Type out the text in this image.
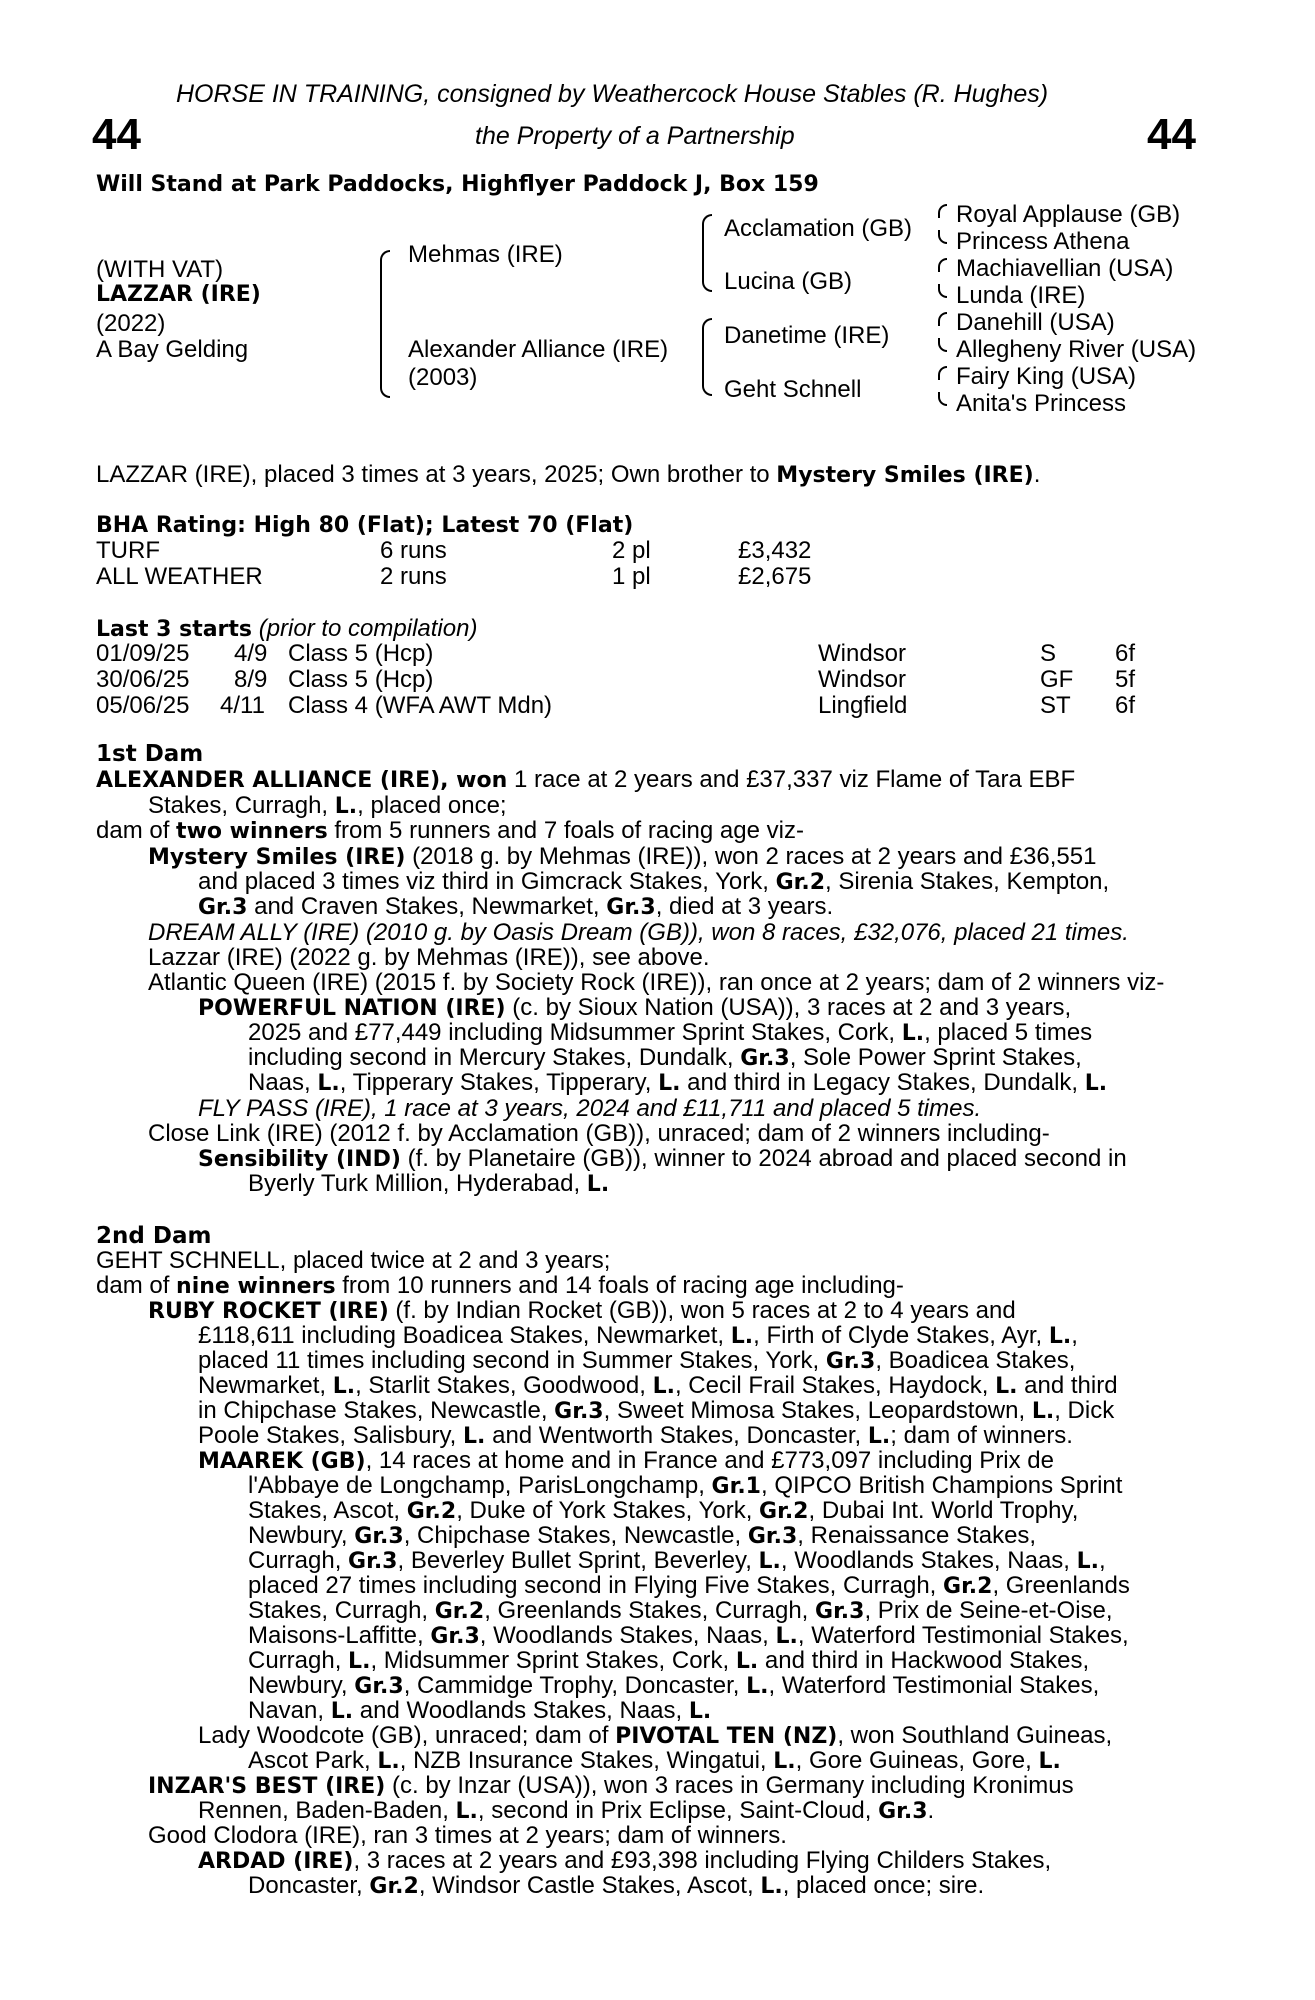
HORSE IN TRAINING, consigned by Weathercock House Stables (R. Hughes)
44	the Property of a Partnership	44
Will Stand at Park Paddocks, Highflyer Paddock J, Box 159
(WITH VAT)
LAZZAR (IRE)
(2022)
A Bay Gelding
Mehmas (IRE)
Alexander Alliance (IRE)
(2003)
Acclamation (GB)
Lucina (GB)
Danetime (IRE)
Geht Schnell
Royal Applause (GB)
Princess Athena
Machiavellian (USA)
Lunda (IRE)
Danehill (USA)
Allegheny River (USA)
Fairy King (USA)
Anita's Princess
LAZZAR (IRE), placed 3 times at 3 years, 2025; Own brother to Mystery Smiles (IRE).
BHA Rating: High 80 (Flat); Latest 70 (Flat)
TURF	6 runs	2 pl	£3,432
ALL WEATHER	2 runs	1 pl	£2,675
Last 3 starts (prior to compilation)
01/09/25 4/9 Class 5 (Hcp)	Windsor	S 6f
30/06/25 8/9 Class 5 (Hcp)	Windsor	GF 5f
05/06/25 4/11 Class 4 (WFA AWT Mdn)	Lingfield	ST 6f
1st Dam
ALEXANDER ALLIANCE (IRE), won 1 race at 2 years and £37,337 viz Flame of Tara EBF
Stakes, Curragh, L., placed once;
dam of two winners from 5 runners and 7 foals of racing age viz-
Mystery Smiles (IRE) (2018 g. by Mehmas (IRE)), won 2 races at 2 years and £36,551
and placed 3 times viz third in Gimcrack Stakes, York, Gr.2, Sirenia Stakes, Kempton,
Gr.3 and Craven Stakes, Newmarket, Gr.3, died at 3 years.
DREAM ALLY (IRE) (2010 g. by Oasis Dream (GB)), won 8 races, £32,076, placed 21 times.
Lazzar (IRE) (2022 g. by Mehmas (IRE)), see above.
Atlantic Queen (IRE) (2015 f. by Society Rock (IRE)), ran once at 2 years; dam of 2 winners viz-
POWERFUL NATION (IRE) (c. by Sioux Nation (USA)), 3 races at 2 and 3 years,
2025 and £77,449 including Midsummer Sprint Stakes, Cork, L., placed 5 times
including second in Mercury Stakes, Dundalk, Gr.3, Sole Power Sprint Stakes,
Naas, L., Tipperary Stakes, Tipperary, L. and third in Legacy Stakes, Dundalk, L.
FLY PASS (IRE), 1 race at 3 years, 2024 and £11,711 and placed 5 times.
Close Link (IRE) (2012 f. by Acclamation (GB)), unraced; dam of 2 winners including-
Sensibility (IND) (f. by Planetaire (GB)), winner to 2024 abroad and placed second in
Byerly Turk Million, Hyderabad, L.
2nd Dam
GEHT SCHNELL, placed twice at 2 and 3 years;
dam of nine winners from 10 runners and 14 foals of racing age including-
RUBY ROCKET (IRE) (f. by Indian Rocket (GB)), won 5 races at 2 to 4 years and
£118,611 including Boadicea Stakes, Newmarket, L., Firth of Clyde Stakes, Ayr, L.,
placed 11 times including second in Summer Stakes, York, Gr.3, Boadicea Stakes,
Newmarket, L., Starlit Stakes, Goodwood, L., Cecil Frail Stakes, Haydock, L. and third
in Chipchase Stakes, Newcastle, Gr.3, Sweet Mimosa Stakes, Leopardstown, L., Dick
Poole Stakes, Salisbury, L. and Wentworth Stakes, Doncaster, L.; dam of winners.
MAAREK (GB), 14 races at home and in France and £773,097 including Prix de
l'Abbaye de Longchamp, ParisLongchamp, Gr.1, QIPCO British Champions Sprint
Stakes, Ascot, Gr.2, Duke of York Stakes, York, Gr.2, Dubai Int. World Trophy,
Newbury, Gr.3, Chipchase Stakes, Newcastle, Gr.3, Renaissance Stakes,
Curragh, Gr.3, Beverley Bullet Sprint, Beverley, L., Woodlands Stakes, Naas, L.,
placed 27 times including second in Flying Five Stakes, Curragh, Gr.2, Greenlands
Stakes, Curragh, Gr.2, Greenlands Stakes, Curragh, Gr.3, Prix de Seine-et-Oise,
Maisons-Laffitte, Gr.3, Woodlands Stakes, Naas, L., Waterford Testimonial Stakes,
Curragh, L., Midsummer Sprint Stakes, Cork, L. and third in Hackwood Stakes,
Newbury, Gr.3, Cammidge Trophy, Doncaster, L., Waterford Testimonial Stakes,
Navan, L. and Woodlands Stakes, Naas, L.
Lady Woodcote (GB), unraced; dam of PIVOTAL TEN (NZ), won Southland Guineas,
Ascot Park, L., NZB Insurance Stakes, Wingatui, L., Gore Guineas, Gore, L.
INZAR'S BEST (IRE) (c. by Inzar (USA)), won 3 races in Germany including Kronimus
Rennen, Baden-Baden, L., second in Prix Eclipse, Saint-Cloud, Gr.3.
Good Clodora (IRE), ran 3 times at 2 years; dam of winners.
ARDAD (IRE), 3 races at 2 years and £93,398 including Flying Childers Stakes,
Doncaster, Gr.2, Windsor Castle Stakes, Ascot, L., placed once; sire.
